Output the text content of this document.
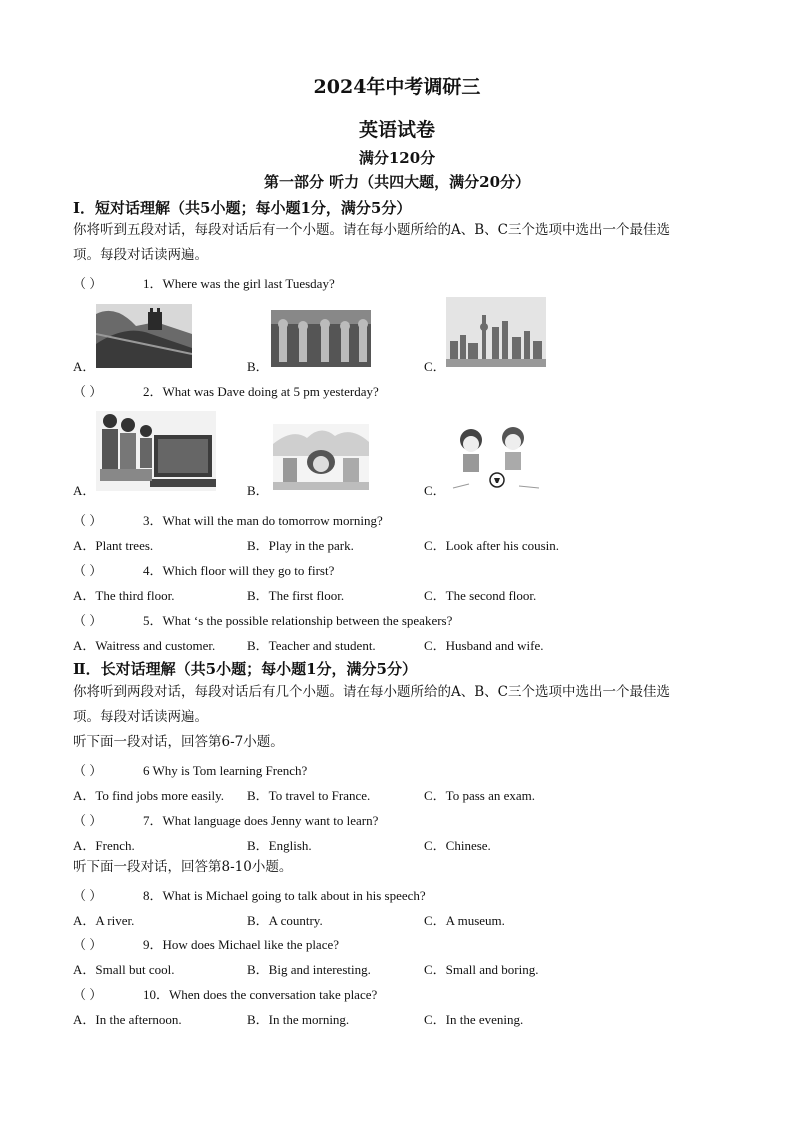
2024年中考调研三
英语试卷
满分120分
第一部分 听力（共四大题，满分20分）
Ⅰ．短对话理解（共5小题；每小题1分，满分5分）
你将听到五段对话，每段对话后有一个小题。请在每小题所给的A、B、C三个选项中选出一个最佳选
项。每段对话读两遍。
（ ）	1．Where was the girl last Tuesday?
A．	B．	C．
（ ）	2．What was Dave doing at 5 pm yesterday?
A．	B．	C．
（ ）	3．What will the man do tomorrow morning?
A．Plant trees.	B．Play in the park.	C．Look after his cousin.
（ ）	4．Which floor will they go to first?
A．The third floor.	B．The first floor.	C．The second floor.
（ ）	5．What ‘s the possible relationship between the speakers?
A．Waitress and customer. B．Teacher and student.	C．Husband and wife.
Ⅱ．长对话理解（共5小题；每小题1分，满分5分）
你将听到两段对话，每段对话后有几个小题。请在每小题所给的A、B、C三个选项中选出一个最佳选
项。每段对话读两遍。
听下面一段对话，回答第6-7小题。
（ ）	6 Why is Tom learning French?
A．To find jobs more easily. B．To travel to France.	C．To pass an exam.
（ ）	7．What language does Jenny want to learn?
A．French.	B．English.	C．Chinese.
听下面一段对话，回答第8-10小题。
（ ）	8．What is Michael going to talk about in his speech?
A．A river.	B．A country.	C．A museum.
（ ）	9．How does Michael like the place?
A．Small but cool.	B．Big and interesting.	C．Small and boring.
（ ）	10．When does the conversation take place?
A．In the afternoon.	B．In the morning.	C．In the evening.
